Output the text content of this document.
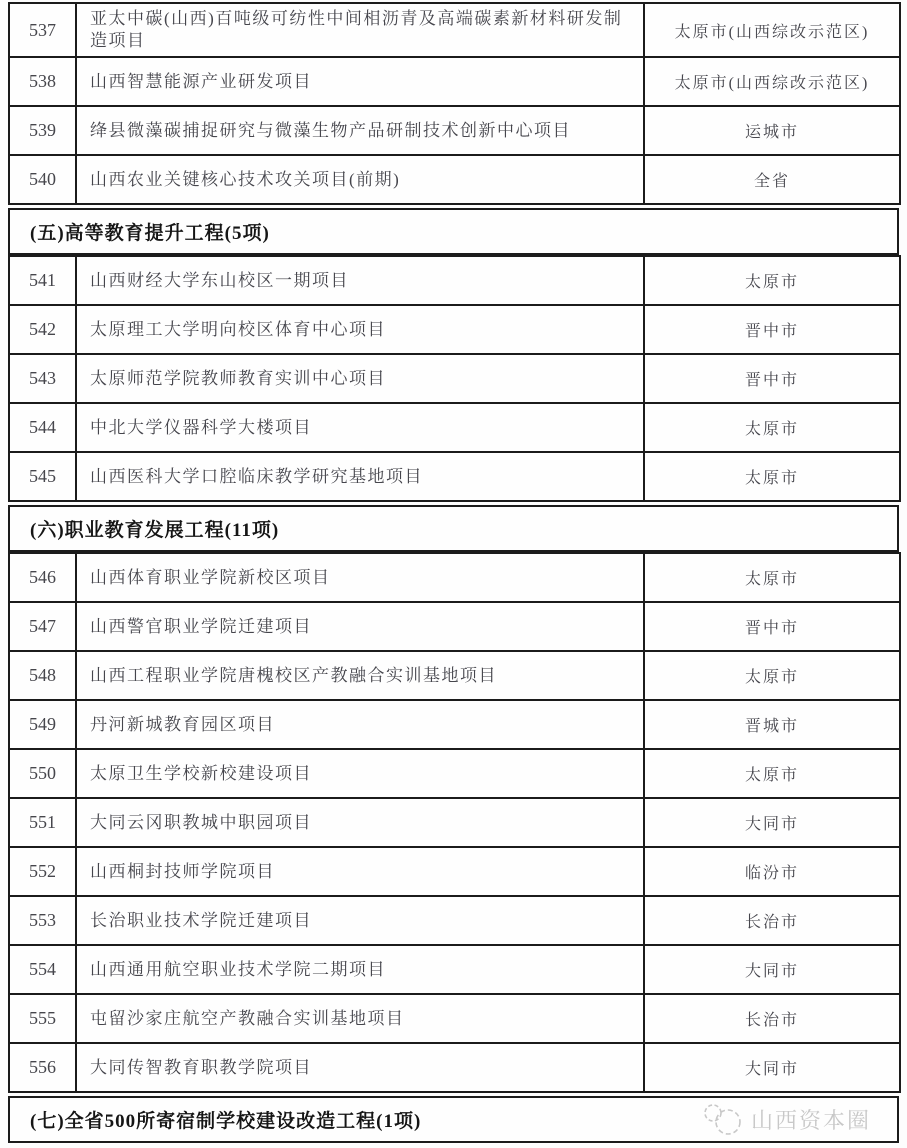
537	亚太中碳(山西)百吨级可纺性中间相沥青及高端碳素新材料研发制造项目	太原市(山西综改示范区)
538	山西智慧能源产业研发项目	太原市(山西综改示范区)
539	绛县微藻碳捕捉研究与微藻生物产品研制技术创新中心项目	运城市
540	山西农业关键核心技术攻关项目(前期)	全省
(五)高等教育提升工程(5项)
541	山西财经大学东山校区一期项目	太原市
542	太原理工大学明向校区体育中心项目	晋中市
543	太原师范学院教师教育实训中心项目	晋中市
544	中北大学仪器科学大楼项目	太原市
545	山西医科大学口腔临床教学研究基地项目	太原市
(六)职业教育发展工程(11项)
546	山西体育职业学院新校区项目	太原市
547	山西警官职业学院迁建项目	晋中市
548	山西工程职业学院唐槐校区产教融合实训基地项目	太原市
549	丹河新城教育园区项目	晋城市
550	太原卫生学校新校建设项目	太原市
551	大同云冈职教城中职园项目	大同市
552	山西桐封技师学院项目	临汾市
553	长治职业技术学院迁建项目	长治市
554	山西通用航空职业技术学院二期项目	大同市
555	屯留沙家庄航空产教融合实训基地项目	长治市
556	大同传智教育职教学院项目	大同市
(七)全省500所寄宿制学校建设改造工程(1项)	山西资本圈
